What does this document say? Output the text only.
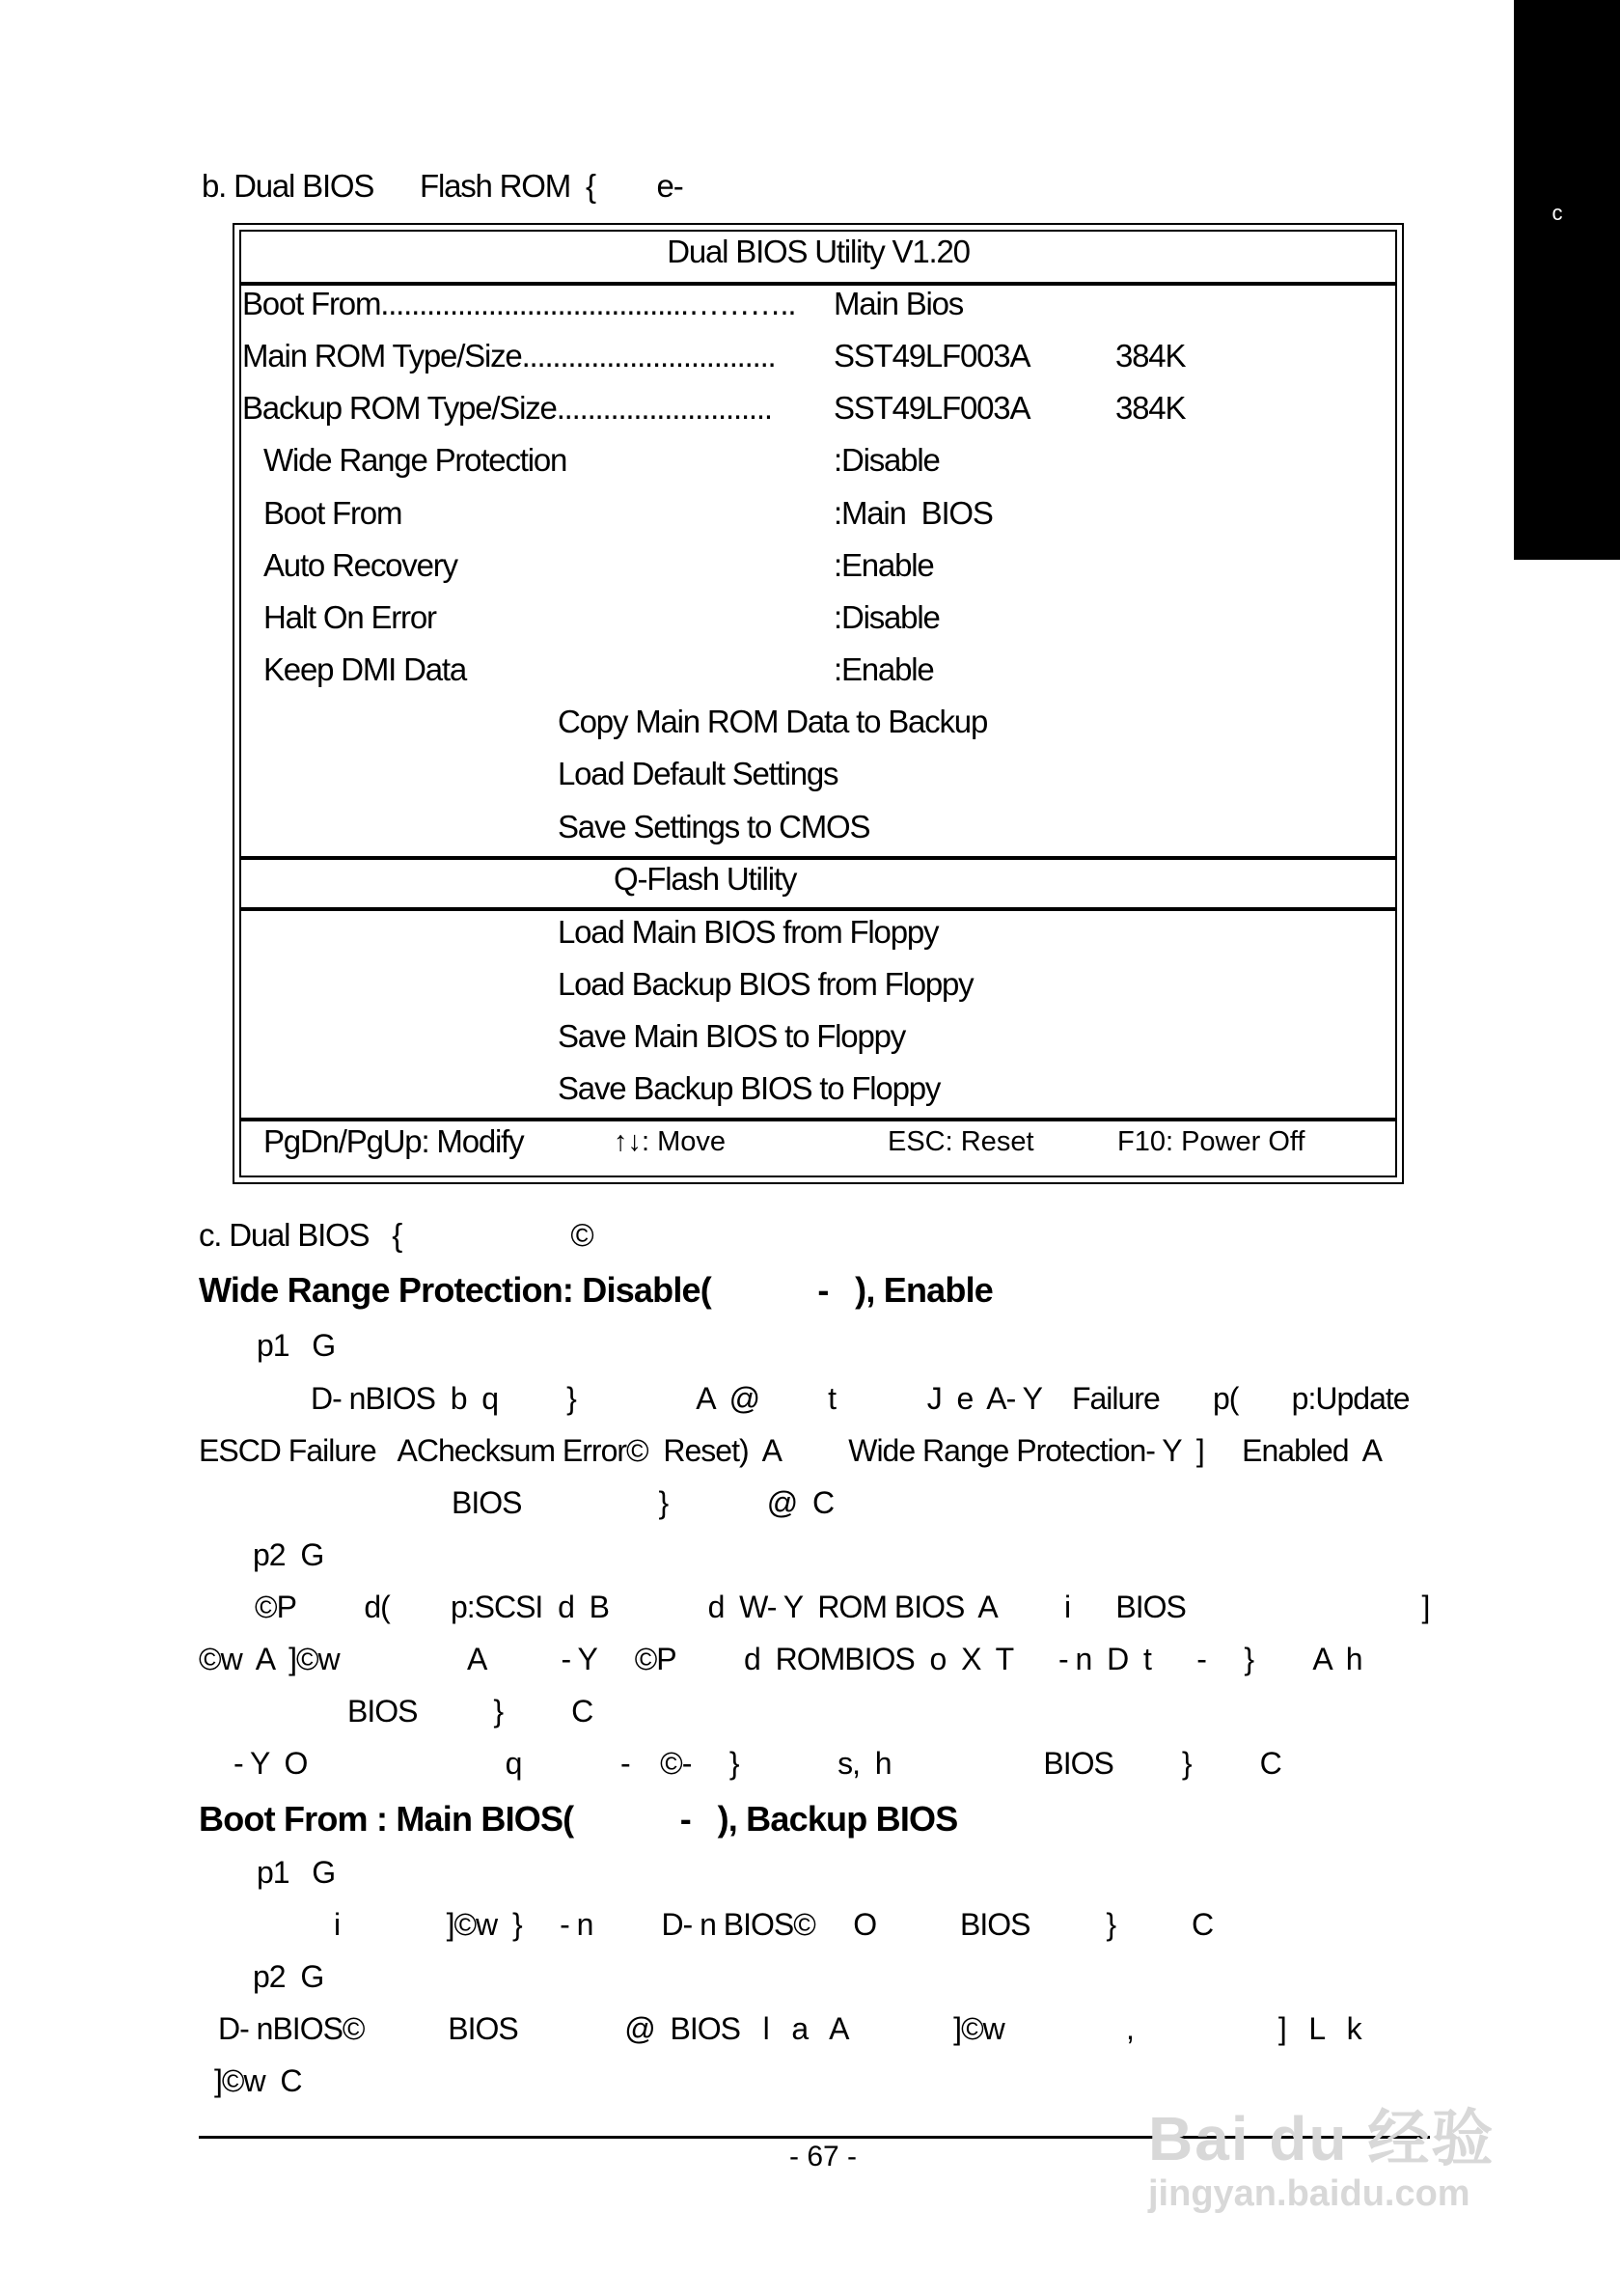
c
b. Dual BIOS      Flash ROM  {        e-
Dual BIOS Utility V1.20
Boot From........................................……….. Main Bios
Main ROM Type/Size................................. SST49LF003A	384K
Backup ROM Type/Size............................ SST49LF003A	384K
Wide Range Protection	:Disable
Boot From	:Main  BIOS
Auto Recovery	:Enable
Halt On Error	:Disable
Keep DMI Data	:Enable
Copy Main ROM Data to Backup
Load Default Settings
Save Settings to CMOS
Q-Flash Utility
Load Main BIOS from Floppy
Load Backup BIOS from Floppy
Save Main BIOS to Floppy
Save Backup BIOS to Floppy
PgDn/PgUp: Modify	↑↓: Move	ESC: Reset	F10: Power Off
c. Dual BIOS   {                      ©
Wide Range Protection: Disable(            -   ), Enable
p1   G
D- nBIOS  b  q         }                A  @         t            J  e  A- Y    Failure       p(       p:Update
ESCD Failure   AChecksum Error©  Reset)  A         Wide Range Protection- Y  ]     Enabled  A
BIOS                  }             @  C
p2  G
©P         d(        p:SCSI  d  B             d  W- Y  ROM BIOS  A         i      BIOS                               ]
©w  A  ]©w                 A          - Y     ©P         d  ROMBIOS  o  X  T      - n  D  t      -     }        A  h
BIOS          }         C
- Y  O                          q             -    ©-     }             s,  h                    BIOS         }         C
Boot From : Main BIOS(            -   ), Backup BIOS
p1   G
i              ]©w  }     - n         D- n BIOS©     O           BIOS          }          C
p2  G
D- nBIOS©           BIOS              @  BIOS   l   a   A              ]©w                ,                   ]   L   k
]©w  C
- 67 -	Bai du 经验
jingyan.baidu.com
